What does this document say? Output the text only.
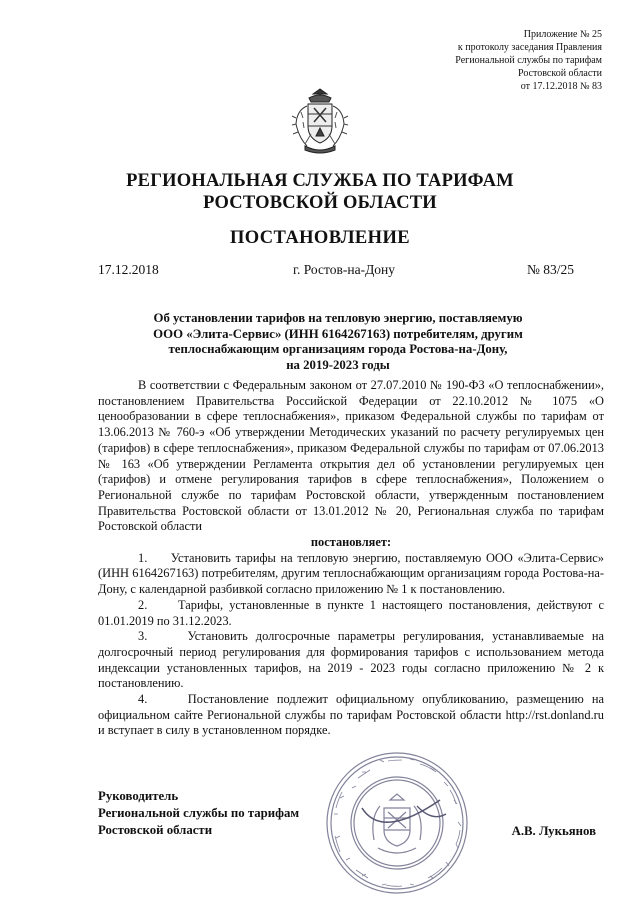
Приложение № 25
к протоколу заседания Правления
Региональной службы по тарифам
Ростовской области
от 17.12.2018 № 83
РЕГИОНАЛЬНАЯ СЛУЖБА ПО ТАРИФАМ
РОСТОВСКОЙ ОБЛАСТИ
ПОСТАНОВЛЕНИЕ
17.12.2018	г. Ростов-на-Дону	№ 83/25
Об установлении тарифов на тепловую энергию, поставляемую
ООО «Элита-Сервис» (ИНН 6164267163) потребителям, другим
теплоснабжающим организациям города Ростова-на-Дону,
на 2019-2023 годы

В соответствии с Федеральным законом от 27.07.2010 № 190-ФЗ «О теплоснабжении», постановлением Правительства Российской Федерации от 22.10.2012 № 1075 «О ценообразовании в сфере теплоснабжения», приказом Федеральной службы по тарифам от 13.06.2013 № 760-э «Об утверждении Методических указаний по расчету регулируемых цен (тарифов) в сфере теплоснабжения», приказом Федеральной службы по тарифам от 07.06.2013 № 163 «Об утверждении Регламента открытия дел об установлении регулируемых цен (тарифов) и отмене регулирования тарифов в сфере теплоснабжения», Положением о Региональной службе по тарифам Ростовской области, утвержденным постановлением Правительства Ростовской области от 13.01.2012 № 20, Региональная служба по тарифам Ростовской области

постановляет:

1.     Установить тарифы на тепловую энергию, поставляемую ООО «Элита-Сервис» (ИНН 6164267163) потребителям, другим теплоснабжающим организациям города Ростова-на-Дону, с календарной разбивкой согласно приложению № 1 к постановлению.

2.     Тарифы, установленные в пункте 1 настоящего постановления, действуют с 01.01.2019 по 31.12.2023.

3.     Установить долгосрочные параметры регулирования, устанавливаемые на долгосрочный период регулирования для формирования тарифов с использованием метода индексации установленных тарифов, на 2019 - 2023 годы согласно приложению № 2 к постановлению.

4.     Постановление подлежит официальному опубликованию, размещению на официальном сайте Региональной службы по тарифам Ростовской области http://rst.donland.ru и вступает в силу в установленном порядке.

Руководитель
Региональной службы по тарифам
Ростовской области	А.В. Лукьянов
